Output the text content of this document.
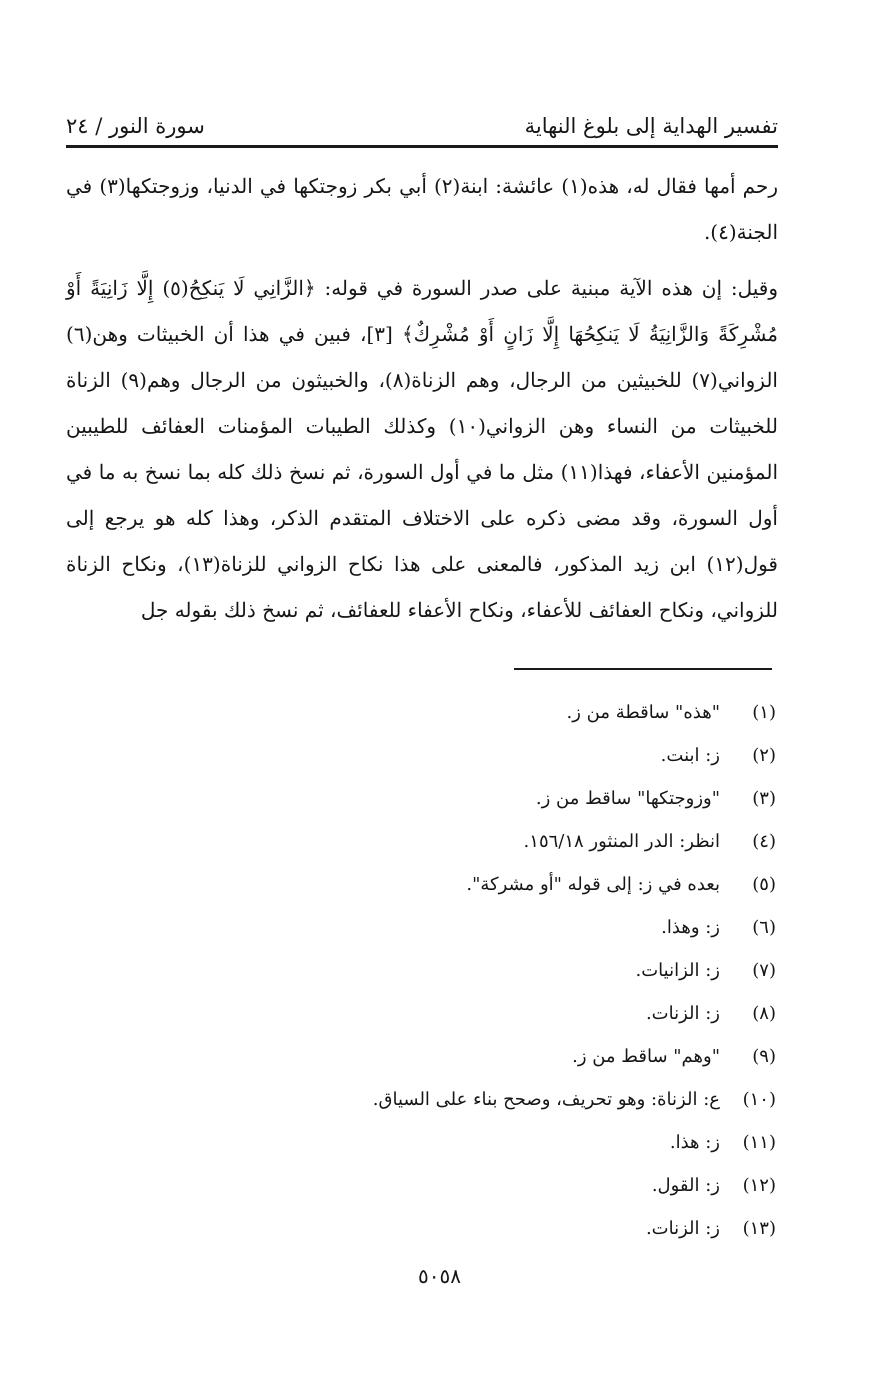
تفسير الهداية إلى بلوغ النهاية
سورة النور / ٢٤

رحم أمها فقال له، هذه(١) عائشة: ابنة(٢) أبي بكر زوجتكها في الدنيا، وزوجتكها(٣) في الجنة(٤).

وقيل: إن هذه الآية مبنية على صدر السورة في قوله: ﴿الزَّانِي لَا يَنكِحُ(٥) إِلَّا زَانِيَةً أَوْ مُشْرِكَةً وَالزَّانِيَةُ لَا يَنكِحُهَا إِلَّا زَانٍ أَوْ مُشْرِكٌ﴾ [٣]، فبين في هذا أن الخبيثات وهن(٦) الزواني(٧) للخبيثين من الرجال، وهم الزناة(٨)، والخبيثون من الرجال وهم(٩) الزناة للخبيثات من النساء وهن الزواني(١٠) وكذلك الطيبات المؤمنات العفائف للطيبين المؤمنين الأعفاء، فهذا(١١) مثل ما في أول السورة، ثم نسخ ذلك كله بما نسخ به ما في أول السورة، وقد مضى ذكره على الاختلاف المتقدم الذكر، وهذا كله هو يرجع إلى قول(١٢) ابن زيد المذكور، فالمعنى على هذا نكاح الزواني للزناة(١٣)، ونكاح الزناة للزواني، ونكاح العفائف للأعفاء، ونكاح الأعفاء للعفائف، ثم نسخ ذلك بقوله جل

(١)
"هذه" ساقطة من ز.
(٢)
ز: ابنت.
(٣)
"وزوجتكها" ساقط من ز.
(٤)
انظر: الدر المنثور ١٥٦/١٨.
(٥)
بعده في ز: إلى قوله "أو مشركة".
(٦)
ز: وهذا.
(٧)
ز: الزانيات.
(٨)
ز: الزنات.
(٩)
"وهم" ساقط من ز.
(١٠)
ع: الزناة: وهو تحريف، وصحح بناء على السياق.
(١١)
ز: هذا.
(١٢)
ز: القول.
(١٣)
ز: الزنات.
٥٠٥٨
